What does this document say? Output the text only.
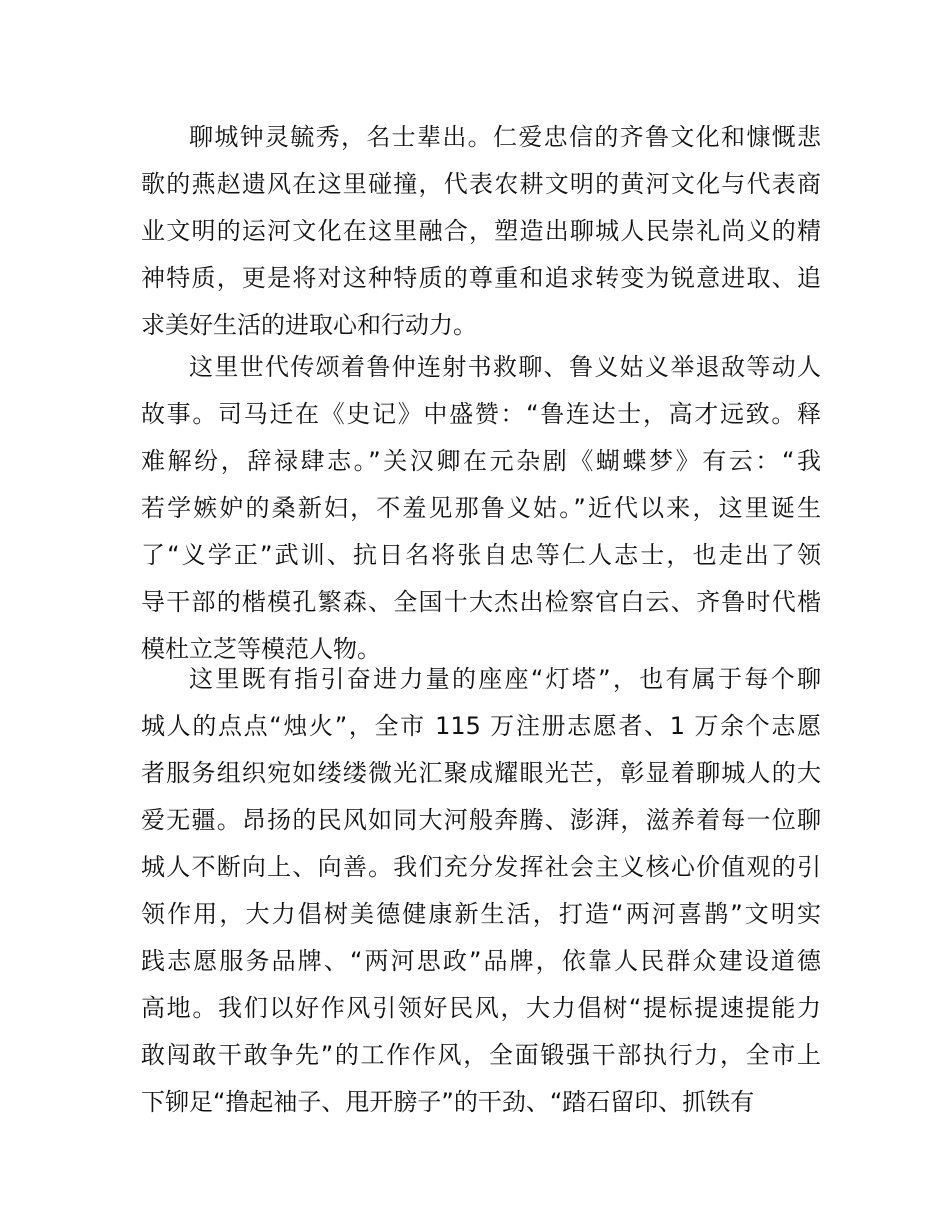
聊城钟灵毓秀，名士辈出。仁爱忠信的齐鲁文化和慷慨悲
歌的燕赵遗风在这里碰撞，代表农耕文明的黄河文化与代表商
业文明的运河文化在这里融合，塑造出聊城人民崇礼尚义的精
神特质，更是将对这种特质的尊重和追求转变为锐意进取、追
求美好生活的进取心和行动力。
这里世代传颂着鲁仲连射书救聊、鲁义姑义举退敌等动人
故事。司马迁在《史记》中盛赞：“鲁连达士，高才远致。释
难解纷，辞禄肆志。”关汉卿在元杂剧《蝴蝶梦》有云：“我
若学嫉妒的桑新妇，不羞见那鲁义姑。”近代以来，这里诞生
了“义学正”武训、抗日名将张自忠等仁人志士，也走出了领
导干部的楷模孔繁森、全国十大杰出检察官白云、齐鲁时代楷
模杜立芝等模范人物。
这里既有指引奋进力量的座座“灯塔”，也有属于每个聊
城人的点点“烛火”，全市 115 万注册志愿者、1 万余个志愿
者服务组织宛如缕缕微光汇聚成耀眼光芒，彰显着聊城人的大
爱无疆。昂扬的民风如同大河般奔腾、澎湃，滋养着每一位聊
城人不断向上、向善。我们充分发挥社会主义核心价值观的引
领作用，大力倡树美德健康新生活，打造“两河喜鹊”文明实
践志愿服务品牌、“两河思政”品牌，依靠人民群众建设道德
高地。我们以好作风引领好民风，大力倡树“提标提速提能力
敢闯敢干敢争先”的工作作风，全面锻强干部执行力，全市上
下铆足“撸起袖子、甩开膀子”的干劲、“踏石留印、抓铁有
